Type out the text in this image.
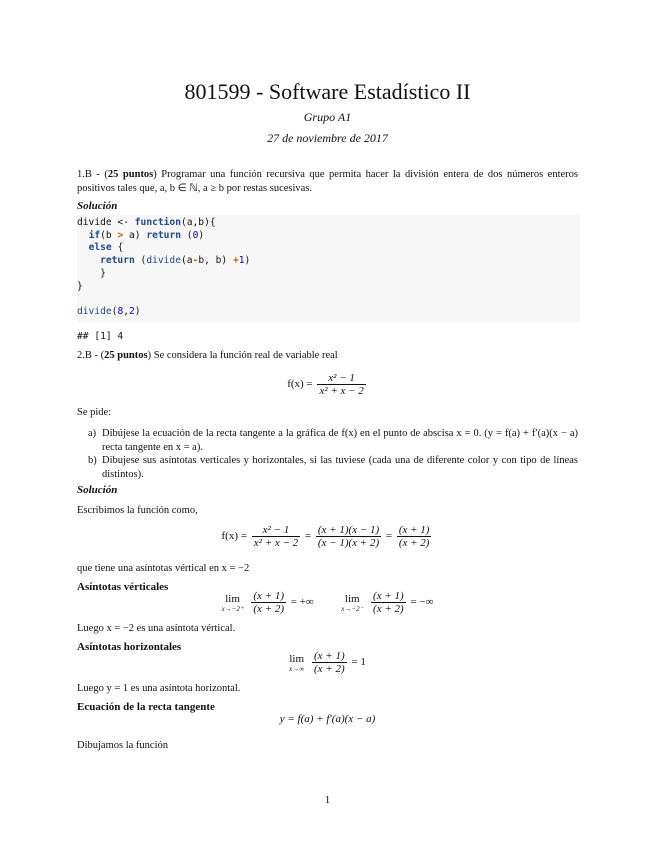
801599 - Software Estadístico II
Grupo A1
27 de noviembre de 2017
1.B - (25 puntos) Programar una función recursiva que permita hacer la división entera de dos números enteros positivos tales que, a, b ∈ ℕ, a ≥ b por restas sucesivas.
Solución
divide <- function(a,b){
if(b > a) return (0)
else {
return (divide(a-b, b) +1)
}
}

divide(8,2)
## [1] 4
2.B - (25 puntos) Se considera la función real de variable real
$f(x) = \frac{\text{x² − 1}}{\text{x² + x − 2}}$
Se pide:
a) Dibújese la ecuación de la recta tangente a la gráfica de f(x) en el punto de abscisa x = 0. (y = f(a) + f′(a)(x − a) recta tangente en x = a).
b) Dibujese sus asíntotas verticales y horizontales, si las tuviese (cada una de diferente color y con tipo de líneas distintos).
Solución
Escribimos la función como,
$f(x) = \frac{\text{x² − 1}}{\text{x² + x − 2}} = \frac{(x + 1)(x - 1)}{(x - 1)(x + 2)} = \frac{(x + 1)}{(x + 2)}$
que tiene una asíntotas vértical en x = −2
Asíntotas vérticales
lim
x→−2⁺
$\frac{(x + 1)}{(x + 2)}$ = +∞	lim
x→−2⁻
$\frac{(x + 1)}{(x + 2)}$ = −∞
Luego x = −2 es una asíntota vértical.
Asíntotas horizontales
lim
x→∞
$\frac{(x + 1)}{(x + 2)} = 1$
Luego y = 1 es una asíntota horizontal.
Ecuación de la recta tangente
y = f(a) + f′(a)(x − a)
Dibujamos la función
1
